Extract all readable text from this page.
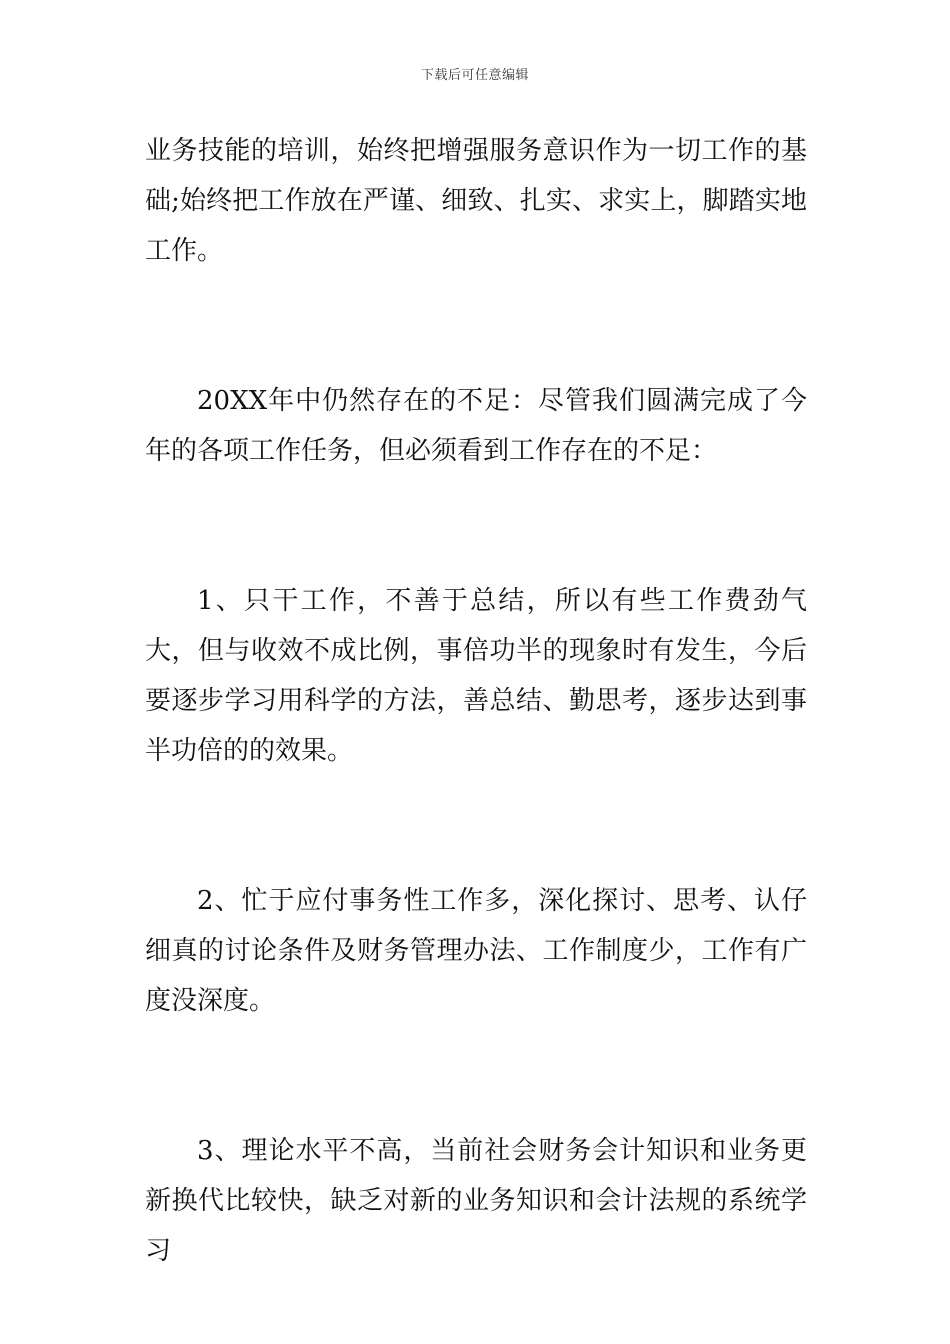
下载后可任意编辑

业务技能的培训，始终把增强服务意识作为一切工作的基础;始终把工作放在严谨、细致、扎实、求实上，脚踏实地工作。

20XX年中仍然存在的不足：尽管我们圆满完成了今年的各项工作任务，但必须看到工作存在的不足：

1、只干工作，不善于总结，所以有些工作费劲气大，但与收效不成比例，事倍功半的现象时有发生，今后要逐步学习用科学的方法，善总结、勤思考，逐步达到事半功倍的的效果。

2、忙于应付事务性工作多，深化探讨、思考、认仔细真的讨论条件及财务管理办法、工作制度少，工作有广度没深度。

3、理论水平不高，当前社会财务会计知识和业务更新换代比较快，缺乏对新的业务知识和会计法规的系统学习
